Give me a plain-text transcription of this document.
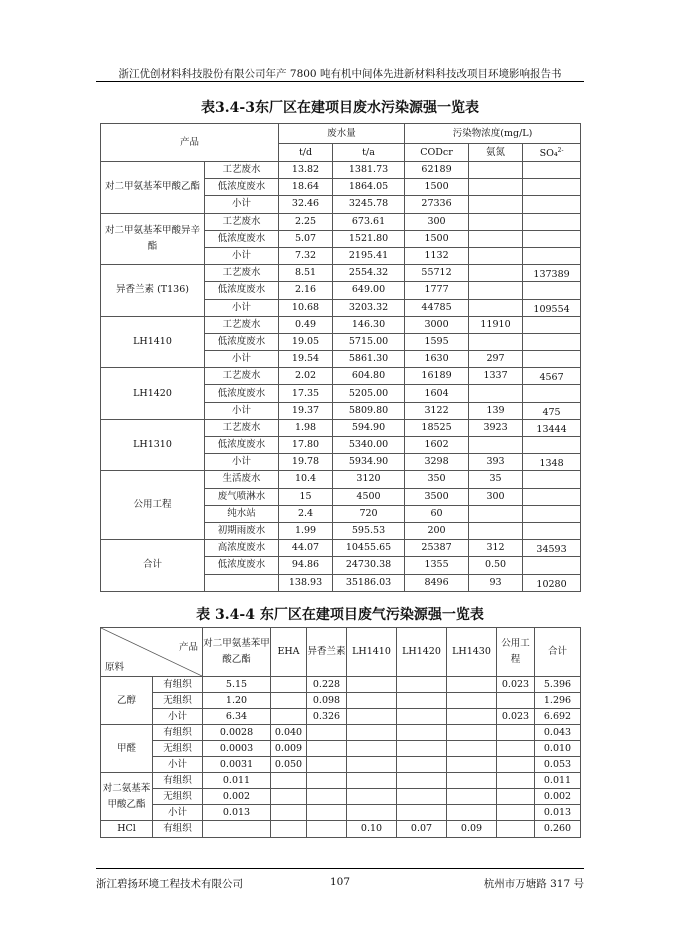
浙江优创材料科技股份有限公司年产 7800 吨有机中间体先进新材料科技改项目环境影响报告书
表3.4-3东厂区在建项目废水污染源强一览表
产品		废水量		污染物浓度(mg/L)		
		t/d	t/a	CODcr	氨氮	SO₄$^{2-}$
对二甲氨基苯甲酸乙酯	工艺废水	13.82	1381.73	62189		
	低浓度废水	18.64	1864.05	1500		
	小计	32.46	3245.78	27336		
对二甲氨基苯甲酸异辛酯	工艺废水	2.25	673.61	300		
	低浓度废水	5.07	1521.80	1500		
	小计	7.32	2195.41	1132		
异香兰素 (T136)	工艺废水	8.51	2554.32	55712		137389
	低浓度废水	2.16	649.00	1777		
	小计	10.68	3203.32	44785		109554
LH1410	工艺废水	0.49	146.30	3000	11910	
	低浓度废水	19.05	5715.00	1595		
	小计	19.54	5861.30	1630	297	
LH1420	工艺废水	2.02	604.80	16189	1337	4567
	低浓度废水	17.35	5205.00	1604		
	小计	19.37	5809.80	3122	139	475
LH1310	工艺废水	1.98	594.90	18525	3923	13444
	低浓度废水	17.80	5340.00	1602		
	小计	19.78	5934.90	3298	393	1348
公用工程	生活废水	10.4	3120	350	35	
	废气喷淋水	15	4500	3500	300	
	纯水站	2.4	720	60		
	初期雨废水	1.99	595.53	200		
合计	高浓度废水	44.07	10455.65	25387	312	34593
	低浓度废水	94.86	24730.38	1355	0.50	
		138.93	35186.03	8496	93	10280
表 3.4-4 东厂区在建项目废气污染源强一览表
产品
原料		对二甲氨基苯甲酸乙酯	EHA	异香兰素	LH1410	LH1420	LH1430	公用工程	合计
乙醇	有组织	5.15		0.228				0.023	5.396
	无组织	1.20		0.098					1.296
	小计	6.34		0.326				0.023	6.692
甲醛	有组织	0.0028	0.040						0.043
	无组织	0.0003	0.009						0.010
	小计	0.0031	0.050						0.053
对二氨基苯甲酸乙酯	有组织	0.011							0.011
	无组织	0.002							0.002
	小计	0.013							0.013
HCl	有组织				0.10	0.07	0.09		0.260
浙江碧扬环境工程技术有限公司	107	杭州市万塘路 317 号
